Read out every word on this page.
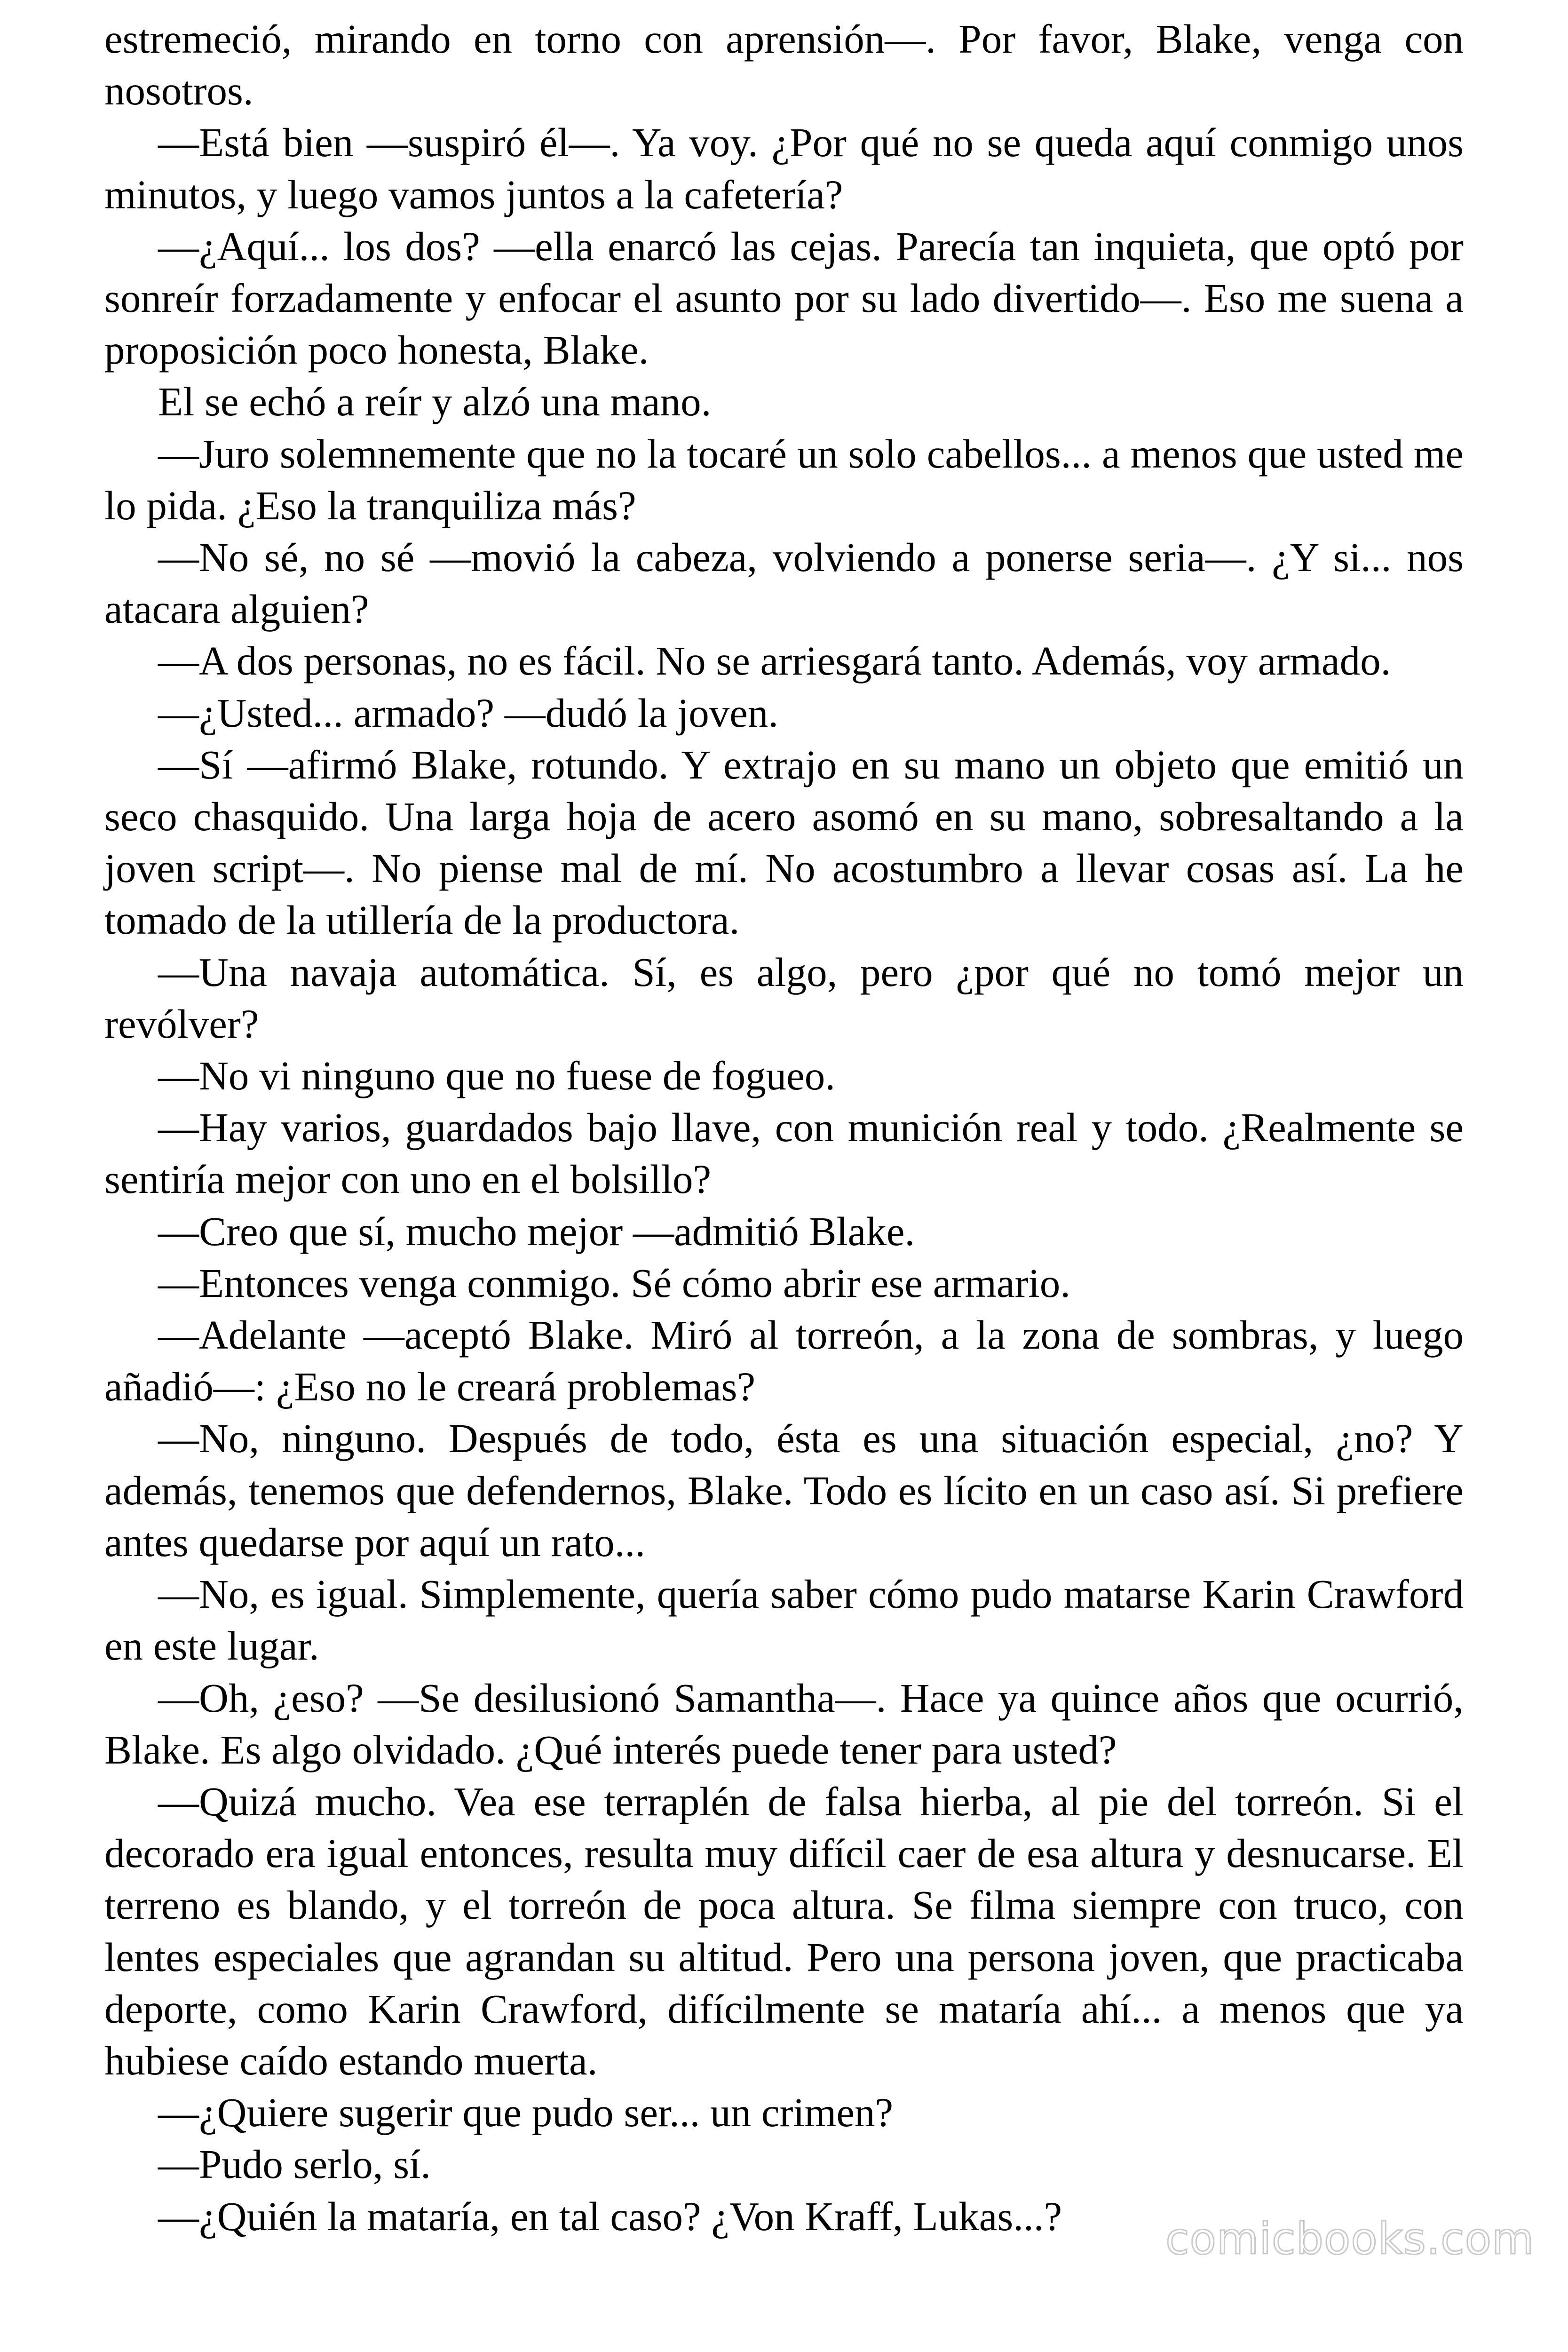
estremeció, mirando en torno con aprensión—. Por favor, Blake, venga con nosotros.

—Está bien —suspiró él—. Ya voy. ¿Por qué no se queda aquí conmigo unos minutos, y luego vamos juntos a la cafetería?

—¿Aquí... los dos? —ella enarcó las cejas. Parecía tan inquieta, que optó por sonreír forzadamente y enfocar el asunto por su lado divertido—. Eso me suena a proposición poco honesta, Blake.

El se echó a reír y alzó una mano.

—Juro solemnemente que no la tocaré un solo cabellos... a menos que usted me lo pida. ¿Eso la tranquiliza más?

—No sé, no sé —movió la cabeza, volviendo a ponerse seria—. ¿Y si... nos atacara alguien?

—A dos personas, no es fácil. No se arriesgará tanto. Además, voy armado.

—¿Usted... armado? —dudó la joven.

—Sí —afirmó Blake, rotundo. Y extrajo en su mano un objeto que emitió un seco chasquido. Una larga hoja de acero asomó en su mano, sobresaltando a la joven script—. No piense mal de mí. No acostumbro a llevar cosas así. La he tomado de la utillería de la productora.

—Una navaja automática. Sí, es algo, pero ¿por qué no tomó mejor un revólver?

—No vi ninguno que no fuese de fogueo.

—Hay varios, guardados bajo llave, con munición real y todo. ¿Realmente se sentiría mejor con uno en el bolsillo?

—Creo que sí, mucho mejor —admitió Blake.

—Entonces venga conmigo. Sé cómo abrir ese armario.

—Adelante —aceptó Blake. Miró al torreón, a la zona de sombras, y luego añadió—: ¿Eso no le creará problemas?

—No, ninguno. Después de todo, ésta es una situación especial, ¿no? Y además, tenemos que defendernos, Blake. Todo es lícito en un caso así. Si prefiere antes quedarse por aquí un rato...

—No, es igual. Simplemente, quería saber cómo pudo matarse Karin Crawford en este lugar.

—Oh, ¿eso? —Se desilusionó Samantha—. Hace ya quince años que ocurrió, Blake. Es algo olvidado. ¿Qué interés puede tener para usted?

—Quizá mucho. Vea ese terraplén de falsa hierba, al pie del torreón. Si el decorado era igual entonces, resulta muy difícil caer de esa altura y desnucarse. El terreno es blando, y el torreón de poca altura. Se filma siempre con truco, con lentes especiales que agrandan su altitud. Pero una persona joven, que practicaba deporte, como Karin Crawford, difícilmente se mataría ahí... a menos que ya hubiese caído estando muerta.

—¿Quiere sugerir que pudo ser... un crimen?

—Pudo serlo, sí.

—¿Quién la mataría, en tal caso? ¿Von Kraff, Lukas...?	comicbooks.com
